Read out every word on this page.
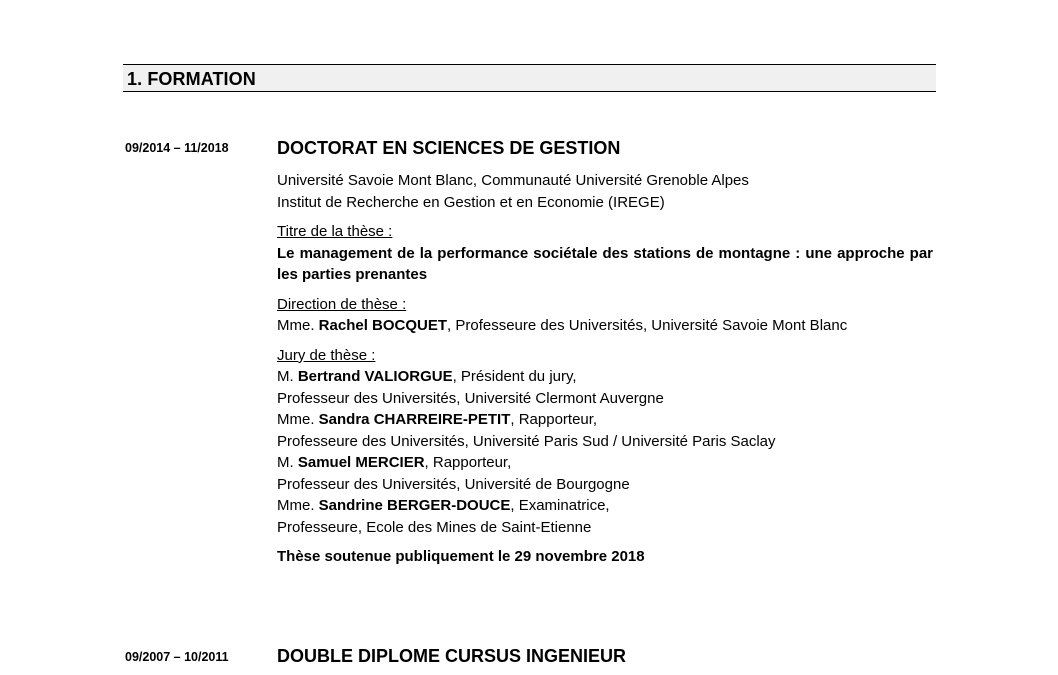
1. FORMATION
09/2014 – 11/2018	DOCTORAT EN SCIENCES DE GESTION

Université Savoie Mont Blanc, Communauté Université Grenoble Alpes

Institut de Recherche en Gestion et en Economie (IREGE)

Titre de la thèse :

Le management de la performance sociétale des stations de montagne : une approche par les parties prenantes

Direction de thèse :

Mme. Rachel BOCQUET, Professeure des Universités, Université Savoie Mont Blanc

Jury de thèse :

M. Bertrand VALIORGUE, Président du jury,

Professeur des Universités, Université Clermont Auvergne

Mme. Sandra CHARREIRE-PETIT, Rapporteur,

Professeure des Universités, Université Paris Sud / Université Paris Saclay

M. Samuel MERCIER, Rapporteur,

Professeur des Universités, Université de Bourgogne

Mme. Sandrine BERGER-DOUCE, Examinatrice,

Professeure, Ecole des Mines de Saint-Etienne

Thèse soutenue publiquement le 29 novembre 2018

09/2007 – 10/2011	DOUBLE DIPLOME CURSUS INGENIEUR
